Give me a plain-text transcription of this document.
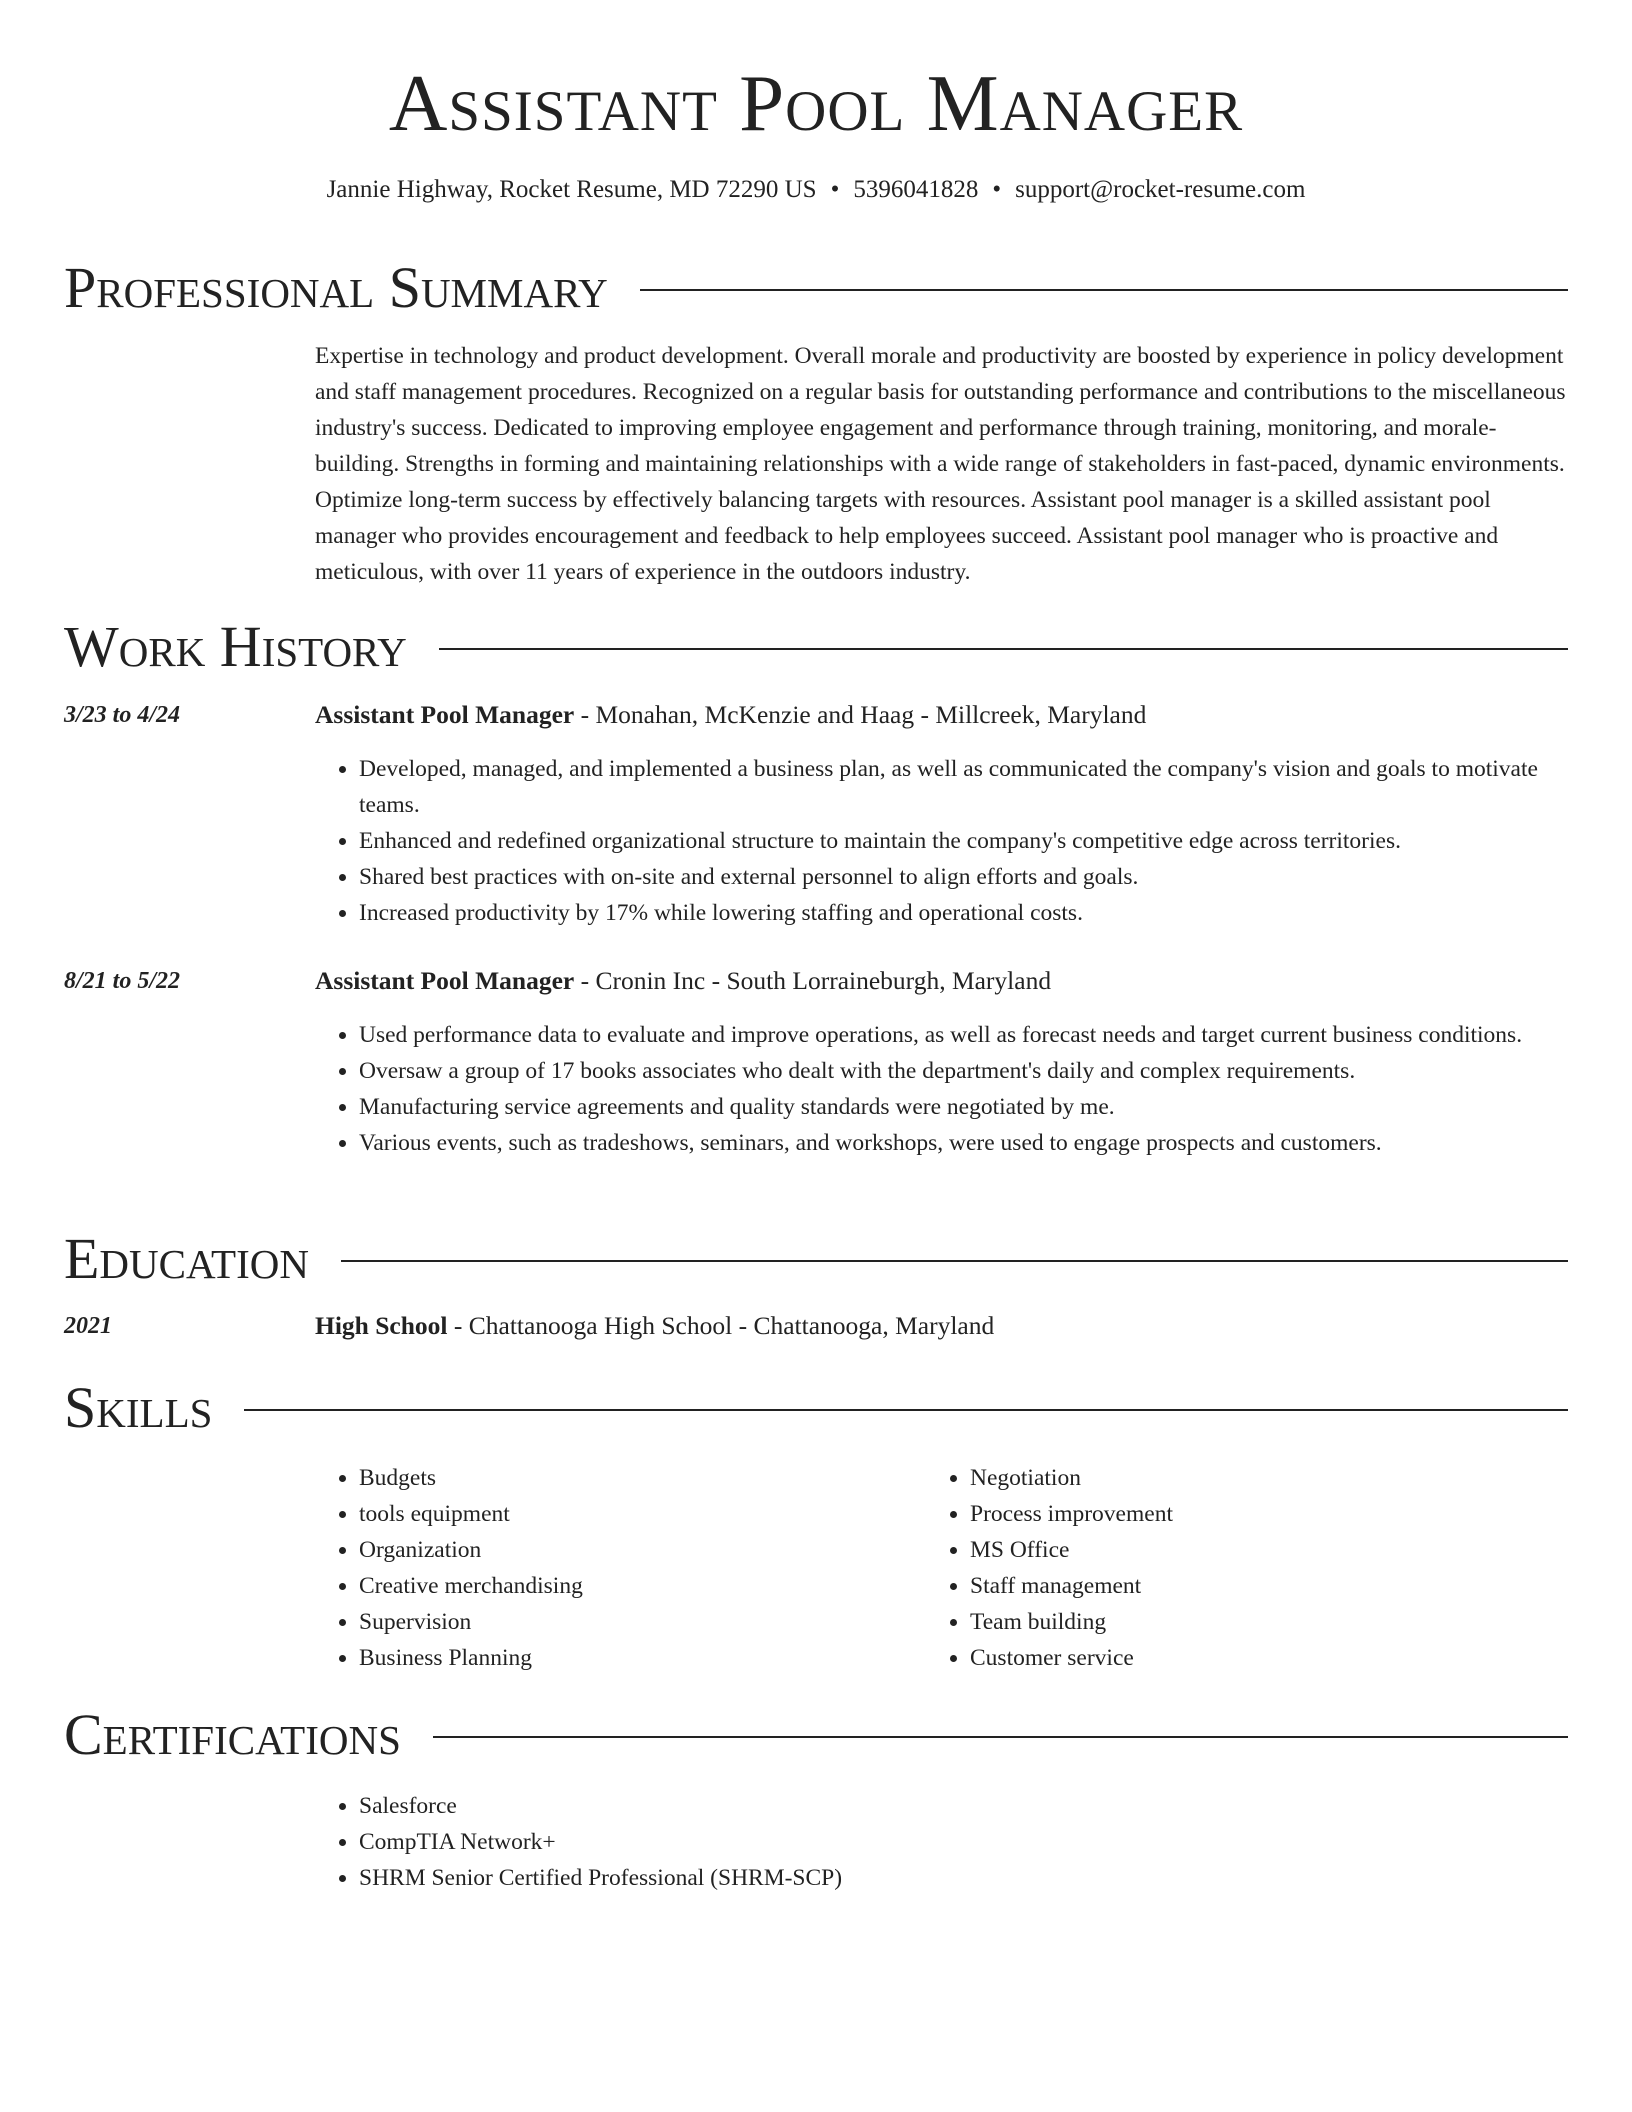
Assistant Pool Manager
Jannie Highway, Rocket Resume, MD 72290 US • 5396041828 • support@rocket-resume.com
Professional Summary

Expertise in technology and product development. Overall morale and productivity are boosted by experience in policy development and staff management procedures. Recognized on a regular basis for outstanding performance and contributions to the miscellaneous industry's success. Dedicated to improving employee engagement and performance through training, monitoring, and morale-building. Strengths in forming and maintaining relationships with a wide range of stakeholders in fast-paced, dynamic environments. Optimize long-term success by effectively balancing targets with resources. Assistant pool manager is a skilled assistant pool manager who provides encouragement and feedback to help employees succeed. Assistant pool manager who is proactive and meticulous, with over 11 years of experience in the outdoors industry.

Work History
3/23 to 4/24	Assistant Pool Manager - Monahan, McKenzie and Haag - Millcreek, Maryland
• Developed, managed, and implemented a business plan, as well as communicated the company's vision and goals to motivate teams.
• Enhanced and redefined organizational structure to maintain the company's competitive edge across territories.
• Shared best practices with on-site and external personnel to align efforts and goals.
• Increased productivity by 17% while lowering staffing and operational costs.
8/21 to 5/22	Assistant Pool Manager - Cronin Inc - South Lorraineburgh, Maryland
• Used performance data to evaluate and improve operations, as well as forecast needs and target current business conditions.
• Oversaw a group of 17 books associates who dealt with the department's daily and complex requirements.
• Manufacturing service agreements and quality standards were negotiated by me.
• Various events, such as tradeshows, seminars, and workshops, were used to engage prospects and customers.
Education
2021	High School - Chattanooga High School - Chattanooga, Maryland
Skills
• Budgets
• tools equipment
• Organization
• Creative merchandising
• Supervision
• Business Planning
• Negotiation
• Process improvement
• MS Office
• Staff management
• Team building
• Customer service
Certifications
• Salesforce
• CompTIA Network+
• SHRM Senior Certified Professional (SHRM-SCP)
